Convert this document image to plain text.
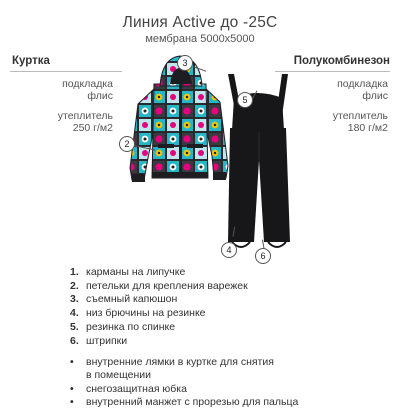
Линия Active до -25С
мембрана 5000х5000
Куртка
подкладка
флис
утеплитель
250 г/м2
Полукомбинезон
подкладка
флис
утеплитель
180 г/м2
3
2
5
4
6
1. карманы на липучке
2. петельки для крепления варежек
3. съемный капюшон
4. низ брючины на резинке
5. резинка по спинке
6. штрипки
•	внутренние лямки в куртке для снятия
в помещении
•	снегозащитная юбка
•	внутренний манжет с прорезью для пальца
